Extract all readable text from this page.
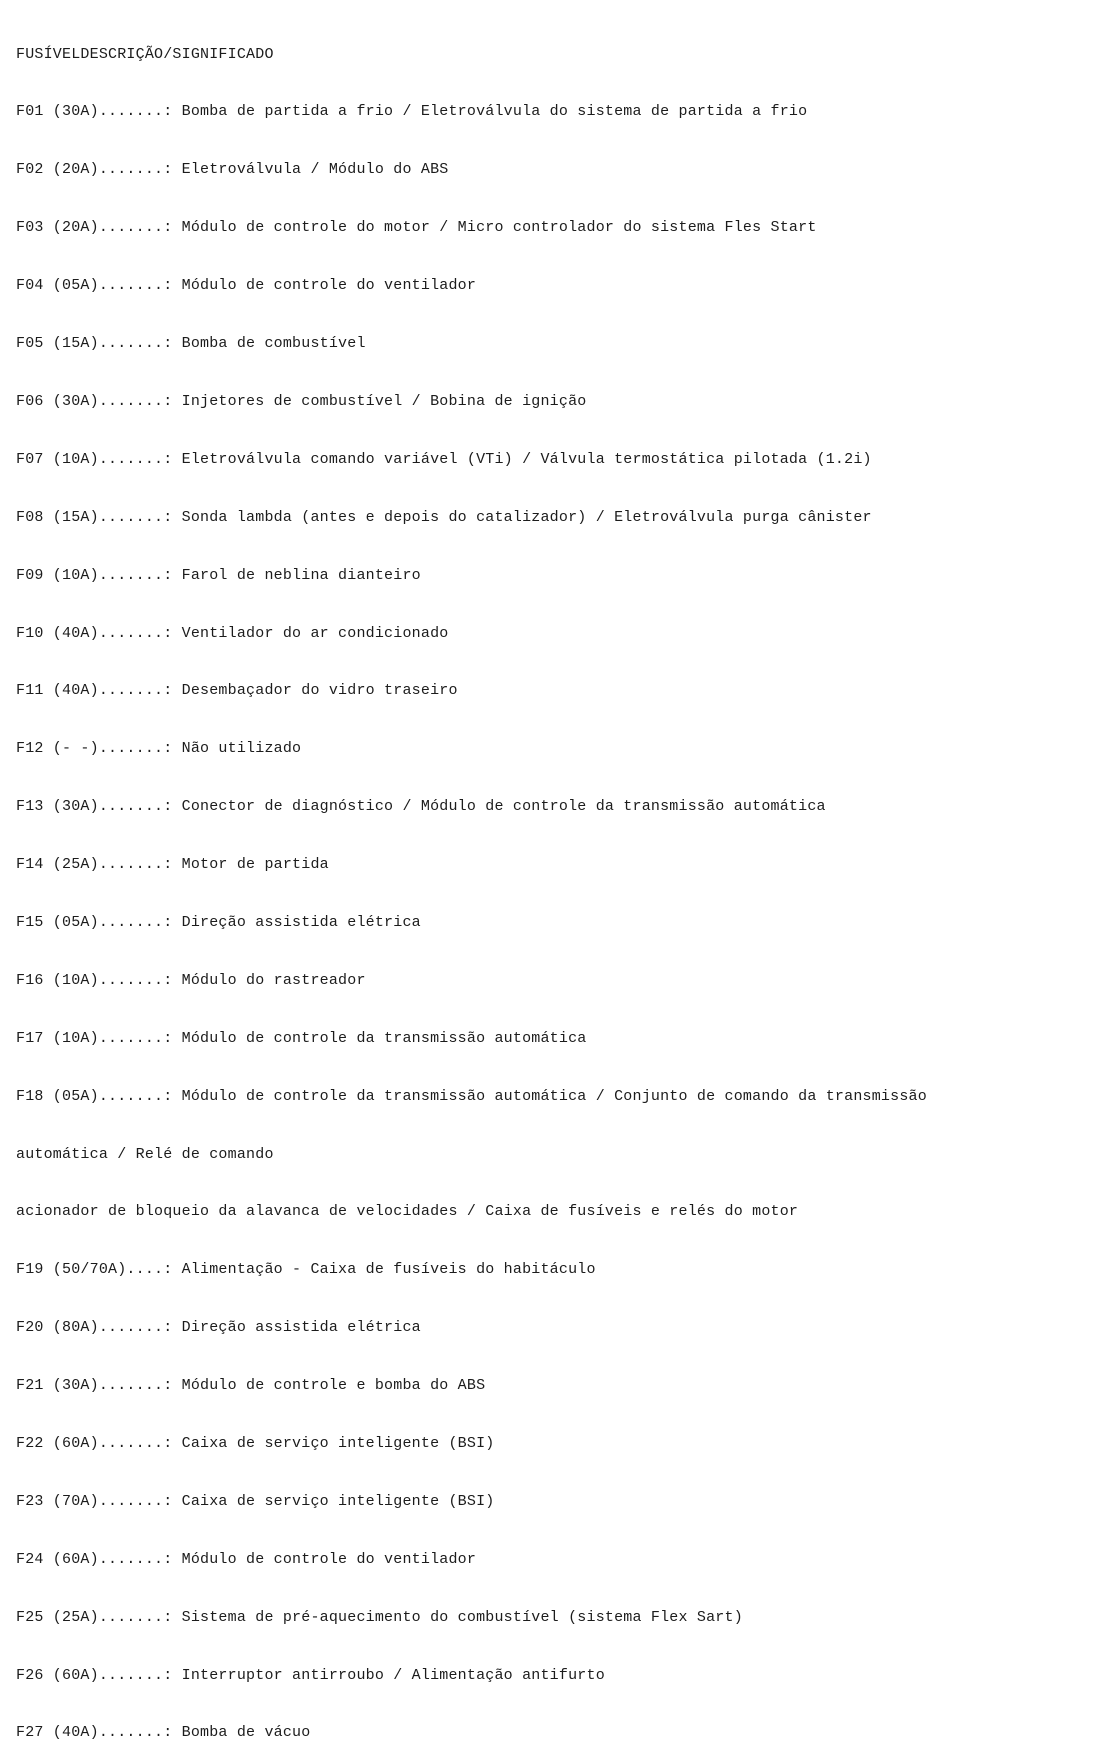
FUSÍVELDESCRIÇÃO/SIGNIFICADO

F01 (30A).......: Bomba de partida a frio / Eletroválvula do sistema de partida a frio

F02 (20A).......: Eletroválvula / Módulo do ABS

F03 (20A).......: Módulo de controle do motor / Micro controlador do sistema Fles Start

F04 (05A).......: Módulo de controle do ventilador

F05 (15A).......: Bomba de combustível

F06 (30A).......: Injetores de combustível / Bobina de ignição

F07 (10A).......: Eletroválvula comando variável (VTi) / Válvula termostática pilotada (1.2i)

F08 (15A).......: Sonda lambda (antes e depois do catalizador) / Eletroválvula purga cânister

F09 (10A).......: Farol de neblina dianteiro

F10 (40A).......: Ventilador do ar condicionado

F11 (40A).......: Desembaçador do vidro traseiro

F12 (- -).......: Não utilizado

F13 (30A).......: Conector de diagnóstico / Módulo de controle da transmissão automática

F14 (25A).......: Motor de partida

F15 (05A).......: Direção assistida elétrica

F16 (10A).......: Módulo do rastreador

F17 (10A).......: Módulo de controle da transmissão automática

F18 (05A).......: Módulo de controle da transmissão automática / Conjunto de comando da transmissão

automática / Relé de comando

acionador de bloqueio da alavanca de velocidades / Caixa de fusíveis e relés do motor

F19 (50/70A)....: Alimentação - Caixa de fusíveis do habitáculo

F20 (80A).......: Direção assistida elétrica

F21 (30A).......: Módulo de controle e bomba do ABS

F22 (60A).......: Caixa de serviço inteligente (BSI)

F23 (70A).......: Caixa de serviço inteligente (BSI)

F24 (60A).......: Módulo de controle do ventilador

F25 (25A).......: Sistema de pré-aquecimento do combustível (sistema Flex Sart)

F26 (60A).......: Interruptor antirroubo / Alimentação antifurto

F27 (40A).......: Bomba de vácuo
